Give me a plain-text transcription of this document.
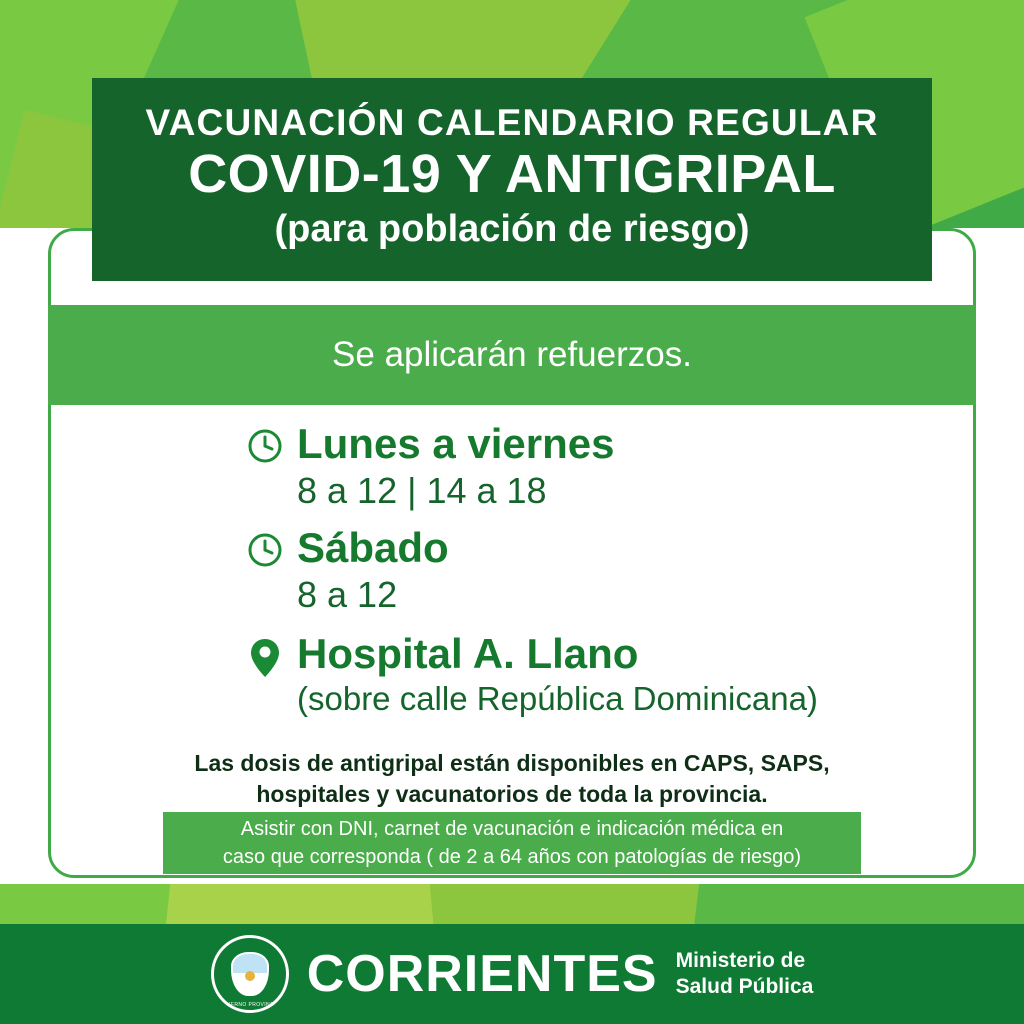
VACUNACIÓN CALENDARIO REGULAR
COVID-19 Y ANTIGRIPAL
(para población de riesgo)
Se aplicarán refuerzos.
Lunes a viernes
8 a 12 | 14 a 18
Sábado
8 a 12
Hospital A. Llano
(sobre calle República Dominicana)
Las dosis de antigripal están disponibles en CAPS, SAPS,
hospitales y vacunatorios de toda la provincia.
Asistir con DNI, carnet de vacunación e indicación médica en
caso que corresponda ( de 2 a 64 años con patologías de riesgo)
GOBIERNO PROVINCIAL
CORRIENTES Ministerio de
Salud Pública
